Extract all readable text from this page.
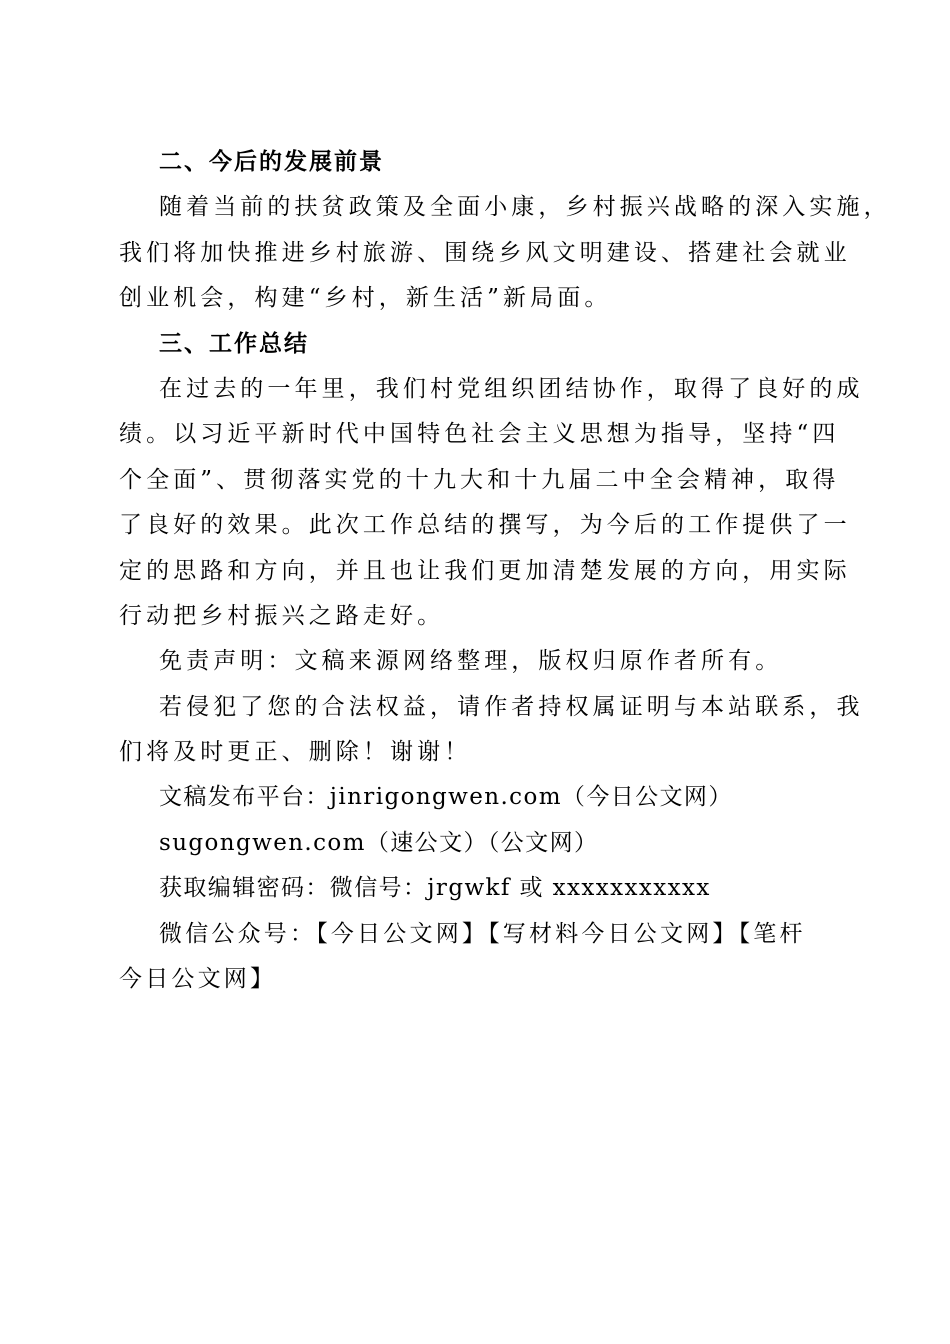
二、今后的发展前景
随着当前的扶贫政策及全面小康，乡村振兴战略的深入实施，
我们将加快推进乡村旅游、围绕乡风文明建设、搭建社会就业
创业机会，构建“乡村，新生活”新局面。
三、工作总结
在过去的一年里，我们村党组织团结协作，取得了良好的成
绩。以习近平新时代中国特色社会主义思想为指导，坚持“四
个全面”、贯彻落实党的十九大和十九届二中全会精神，取得
了良好的效果。此次工作总结的撰写，为今后的工作提供了一
定的思路和方向，并且也让我们更加清楚发展的方向，用实际
行动把乡村振兴之路走好。
免责声明：文稿来源网络整理，版权归原作者所有。
若侵犯了您的合法权益，请作者持权属证明与本站联系，我
们将及时更正、删除！谢谢！
文稿发布平台：jinrigongwen.com（今日公文网）
sugongwen.com（速公文）（公文网）
获取编辑密码：微信号：jrgwkf 或 xxxxxxxxxxx
微信公众号：【今日公文网】【写材料今日公文网】【笔杆
今日公文网】
